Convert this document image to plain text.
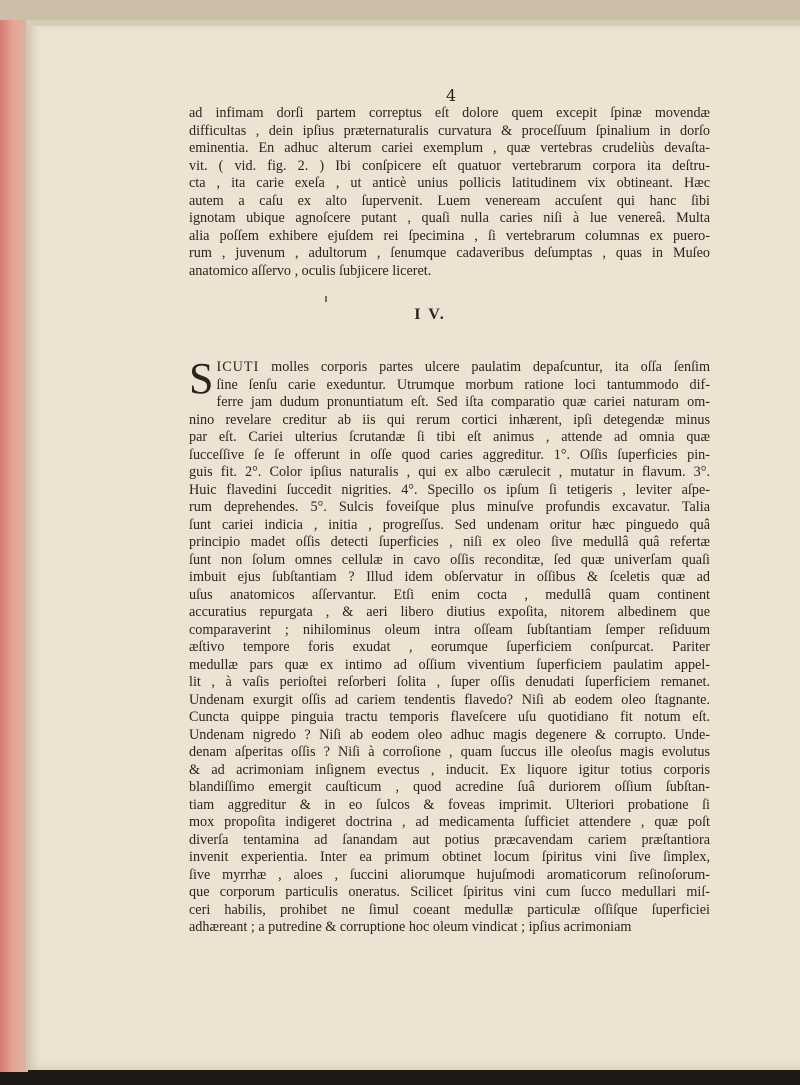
4
ad infimam dorſi partem correptus eſt dolore quem excepit ſpinæ movendæ
difficultas , dein ipſius præternaturalis curvatura & proceſſuum ſpinalium in dorſo
eminentia. En adhuc alterum cariei exemplum , quæ vertebras crudeliùs devaſta-
vit. ( vid. fig. 2. ) Ibi conſpicere eſt quatuor vertebrarum corpora ita deſtru-
cta , ita carie exeſa , ut anticè unius pollicis latitudinem vix obtineant. Hæc
autem a caſu ex alto ſupervenit. Luem veneream accuſent qui hanc ſibi
ignotam ubique agnoſcere putant , quaſi nulla caries niſi à lue venereâ. Multa
alia poſſem exhibere ejuſdem rei ſpecimina , ſi vertebrarum columnas ex puero-
rum , juvenum , adultorum , ſenumque cadaveribus deſumptas , quas in Muſeo
anatomico aſſervo , oculis ſubjicere liceret.
I V.
S ICUTI molles corporis partes ulcere paulatim depaſcuntur, ita oſſa ſenſim
ſine ſenſu carie exeduntur. Utrumque morbum ratione loci tantummodo dif-
ferre jam dudum pronuntiatum eſt. Sed iſta comparatio quæ cariei naturam om-
nino revelare creditur ab iis qui rerum cortici inhærent, ipſi detegendæ minus
par eſt. Cariei ulterius ſcrutandæ ſi tibi eſt animus , attende ad omnia quæ
ſucceſſive ſe ſe offerunt in oſſe quod caries aggreditur. 1°. Oſſis ſuperficies pin-
guis fit. 2°. Color ipſius naturalis , qui ex albo cærulecit , mutatur in flavum. 3°.
Huic flavedini ſuccedit nigrities. 4°. Specillo os ipſum ſi tetigeris , leviter aſpe-
rum deprehendes. 5°. Sulcis foveiſque plus minuſve profundis excavatur. Talia
ſunt cariei indicia , initia , progreſſus. Sed undenam oritur hæc pinguedo quâ
principio madet oſſis detecti ſuperficies , niſi ex oleo ſive medullâ quâ refertæ
ſunt non ſolum omnes cellulæ in cavo oſſis reconditæ, ſed quæ univerſam quaſi
imbuit ejus ſubſtantiam ? Illud idem obſervatur in oſſibus & ſceletis quæ ad
uſus anatomicos aſſervantur. Etſi enim cocta , medullâ quam continent
accuratius repurgata , & aeri libero diutius expoſita, nitorem albedinem que
comparaverint ; nihilominus oleum intra oſſeam ſubſtantiam ſemper reſiduum
æſtivo tempore foris exudat , eorumque ſuperficiem conſpurcat. Pariter
medullæ pars quæ ex intimo ad oſſium viventium ſuperficiem paulatim appel-
lit , à vaſis perioſtei reſorberi ſolita , ſuper oſſis denudati ſuperficiem remanet.
Undenam exurgit oſſis ad cariem tendentis flavedo? Niſi ab eodem oleo ſtagnante.
Cuncta quippe pinguia tractu temporis flaveſcere uſu quotidiano fit notum eſt.
Undenam nigredo ? Niſi ab eodem oleo adhuc magis degenere & corrupto. Unde-
denam aſperitas oſſis ? Niſi à corroſione , quam ſuccus ille oleoſus magis evolutus
& ad acrimoniam inſignem evectus , inducit. Ex liquore igitur totius corporis
blandiſſimo emergit cauſticum , quod acredine ſuâ duriorem oſſium ſubſtan-
tiam aggreditur & in eo ſulcos & foveas imprimit. Ulteriori probatione ſi
mox propoſita indigeret doctrina , ad medicamenta ſufficiet attendere , quæ poſt
diverſa tentamina ad ſanandam aut potius præcavendam cariem præſtantiora
invenit experientia. Inter ea primum obtinet locum ſpiritus vini ſive ſimplex,
ſive myrrhæ , aloes , ſuccini aliorumque hujuſmodi aromaticorum reſinoſorum-
que corporum particulis oneratus. Scilicet ſpiritus vini cum ſucco medullari miſ-
ceri habilis, prohibet ne ſimul coeant medullæ particulæ oſſiſque ſuperficiei
adhæreant ; a putredine & corruptione hoc oleum vindicat ; ipſius acrimoniam
